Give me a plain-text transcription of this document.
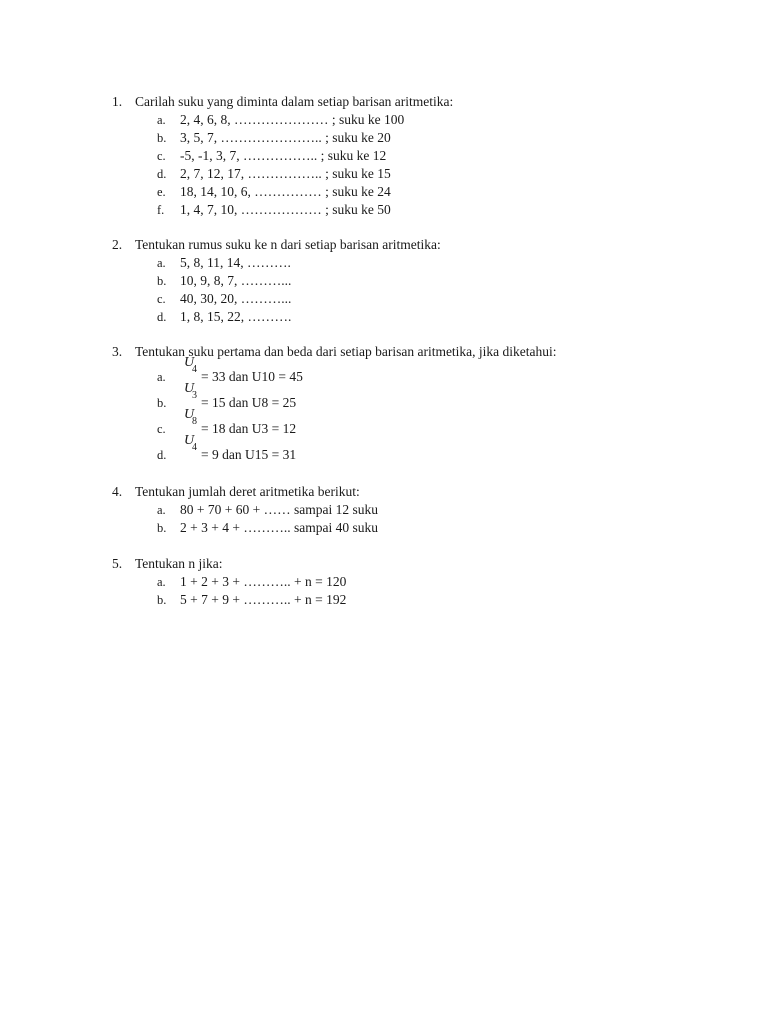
1. Carilah suku yang diminta dalam setiap barisan aritmetika:
a. 2, 4, 6, 8, ………………… ; suku ke 100
b. 3, 5, 7, ………………….. ; suku ke 20
c. -5, -1, 3, 7, …………….. ; suku ke 12
d. 2, 7, 12, 17, …………….. ; suku ke 15
e. 18, 14, 10, 6, …………… ; suku ke 24
f. 1, 4, 7, 10, ……………… ; suku ke 50
2. Tentukan rumus suku ke n dari setiap barisan aritmetika:
a. 5, 8, 11, 14, ……….
b. 10, 9, 8, 7, ………...
c. 40, 30, 20, ………...
d. 1, 8, 15, 22, ……….
3. Tentukan suku pertama dan beda dari setiap barisan aritmetika, jika diketahui:
a.
U
4 = 33 dan U10 = 45
b.
U
3 = 15 dan U8 = 25
c.
U
8 = 18 dan U3 = 12
d.
U
4 = 9 dan U15 = 31
4. Tentukan jumlah deret aritmetika berikut:
a. 80 + 70 + 60 + …… sampai 12 suku
b. 2 + 3 + 4 + ……….. sampai 40 suku
5. Tentukan n jika:
a. 1 + 2 + 3 + ……….. + n = 120
b. 5 + 7 + 9 + ……….. + n = 192
